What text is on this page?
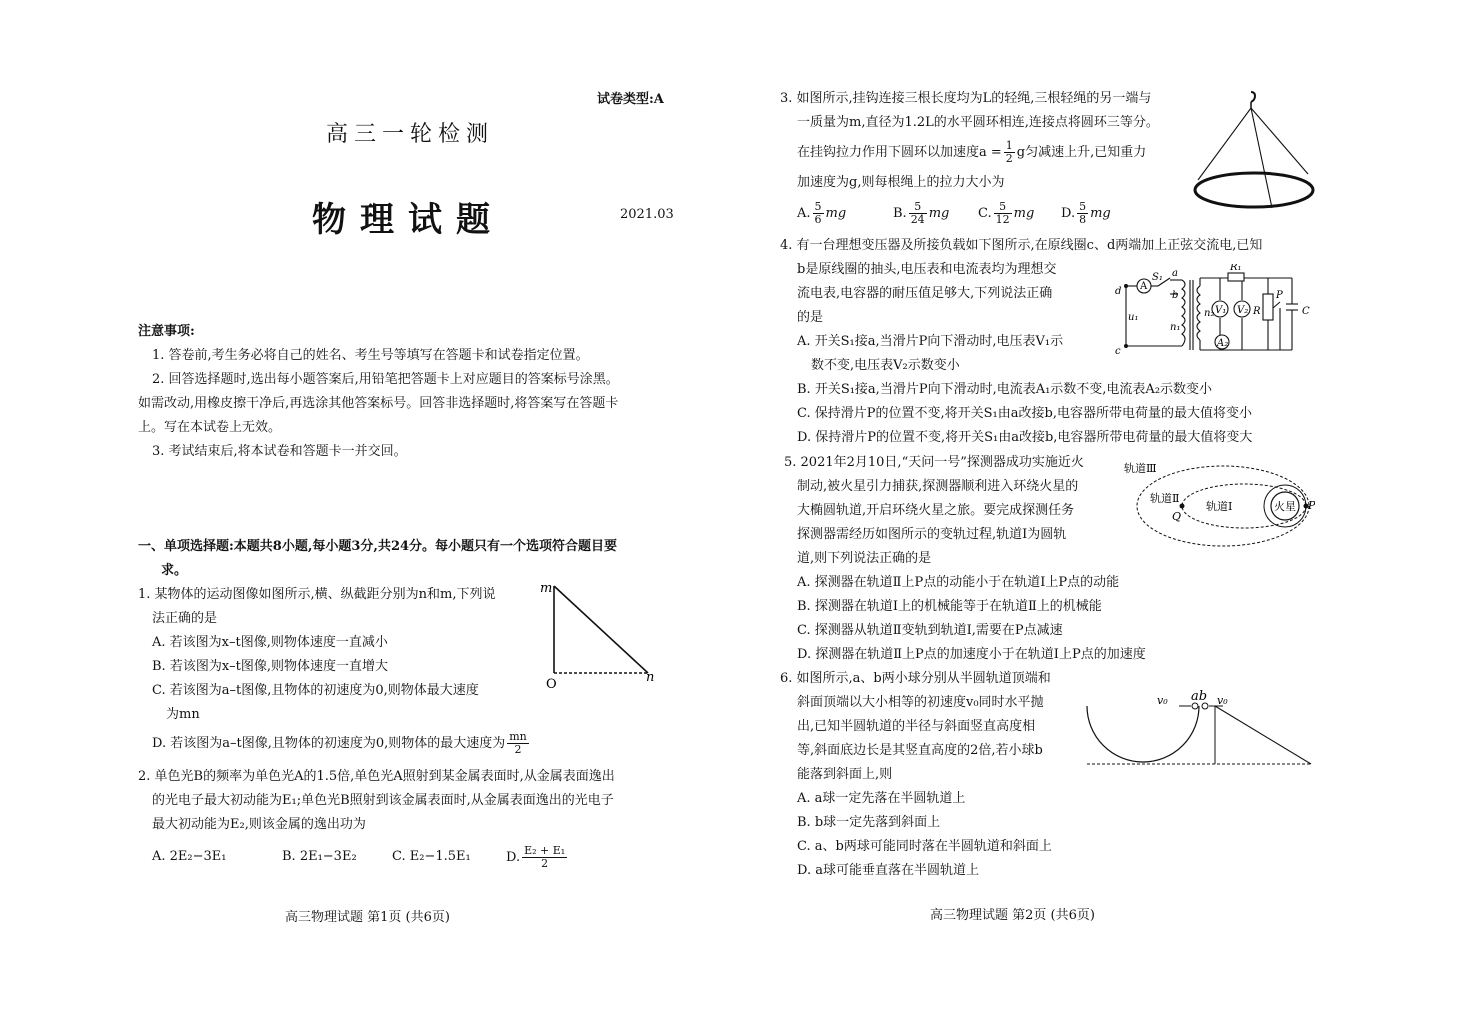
试卷类型:A
高三一轮检测
物理试题	2021.03
注意事项:
1. 答卷前,考生务必将自己的姓名、考生号等填写在答题卡和试卷指定位置。
2. 回答选择题时,选出每小题答案后,用铅笔把答题卡上对应题目的答案标号涂黑。
如需改动,用橡皮擦干净后,再选涂其他答案标号。回答非选择题时,将答案写在答题卡
上。写在本试卷上无效。
3. 考试结束后,将本试卷和答题卡一并交回。
一、单项选择题:本题共8小题,每小题3分,共24分。每小题只有一个选项符合题目要
求。
1. 某物体的运动图像如图所示,横、纵截距分别为n和m,下列说
法正确的是
A. 若该图为x–t图像,则物体速度一直减小
B. 若该图为x–t图像,则物体速度一直增大
C. 若该图为a–t图像,且物体的初速度为0,则物体最大速度
为mn
D. 若该图为a–t图像,且物体的初速度为0,则物体的最大速度为 $\frac{mn}{2}$
m
O	n
2. 单色光B的频率为单色光A的1.5倍,单色光A照射到某金属表面时,从金属表面逸出
的光电子最大初动能为E₁;单色光B照射到该金属表面时,从金属表面逸出的光电子
最大初动能为E₂,则该金属的逸出功为
A. 2E₂−3E₁	B. 2E₁−3E₂	C. E₂−1.5E₁	D. $\frac{\text{E₂ + E₁}}{2}$
高三物理试题 第1页 (共6页)
3. 如图所示,挂钩连接三根长度均为L的轻绳,三根轻绳的另一端与
一质量为m,直径为1.2L的水平圆环相连,连接点将圆环三等分。
在挂钩拉力作用下圆环以加速度$a = \frac{1}{2}$ g匀减速上升,已知重力
加速度为g,则每根绳上的拉力大小为
A. $\frac{5}{6}$ mg	B. $\frac{5}{24}$ mg C. $\frac{5}{12}$ mg D. $\frac{5}{8}$ mg
4. 有一台理想变压器及所接负载如下图所示,在原线圈c、d两端加上正弦交流电,已知
b是原线圈的抽头,电压表和电流表均为理想交
流电表,电容器的耐压值足够大,下列说法正确
的是
A. 开关S₁接a,当滑片P向下滑动时,电压表V₁示
数不变,电压表V₂示数变小
B. 开关S₁接a,当滑片P向下滑动时,电流表A₁示数不变,电流表A₂示数变小
C. 保持滑片P的位置不变,将开关S₁由a改接b,电容器所带电荷量的最大值将变小
D. 保持滑片P的位置不变,将开关S₁由a改接b,电容器所带电荷量的最大值将变大
d
c
u₁
A
S₁ a
b
n₁
n₂
R₁
V₁ V₂ R
P
C
A₂
5. 2021年2月10日,“天问一号”探测器成功实施近火
制动,被火星引力捕获,探测器顺利进入环绕火星的
大椭圆轨道,开启环绕火星之旅。要完成探测任务
探测器需经历如图所示的变轨过程,轨道Ⅰ为圆轨
道,则下列说法正确的是
A. 探测器在轨道Ⅱ上P点的动能小于在轨道Ⅰ上P点的动能
B. 探测器在轨道Ⅰ上的机械能等于在轨道Ⅱ上的机械能
C. 探测器从轨道Ⅱ变轨到轨道Ⅰ,需要在P点减速
D. 探测器在轨道Ⅱ上P点的加速度小于在轨道Ⅰ上P点的加速度
轨道Ⅲ
轨道Ⅱ
轨道Ⅰ	火星
Q
P
6. 如图所示,a、b两小球分别从半圆轨道顶端和
斜面顶端以大小相等的初速度v₀同时水平抛
出,已知半圆轨道的半径与斜面竖直高度相
等,斜面底边长是其竖直高度的2倍,若小球b
能落到斜面上,则
A. a球一定先落在半圆轨道上
B. b球一定先落到斜面上
C. a、b两球可能同时落在半圆轨道和斜面上
D. a球可能垂直落在半圆轨道上
v₀ ab v₀
高三物理试题 第2页 (共6页)
